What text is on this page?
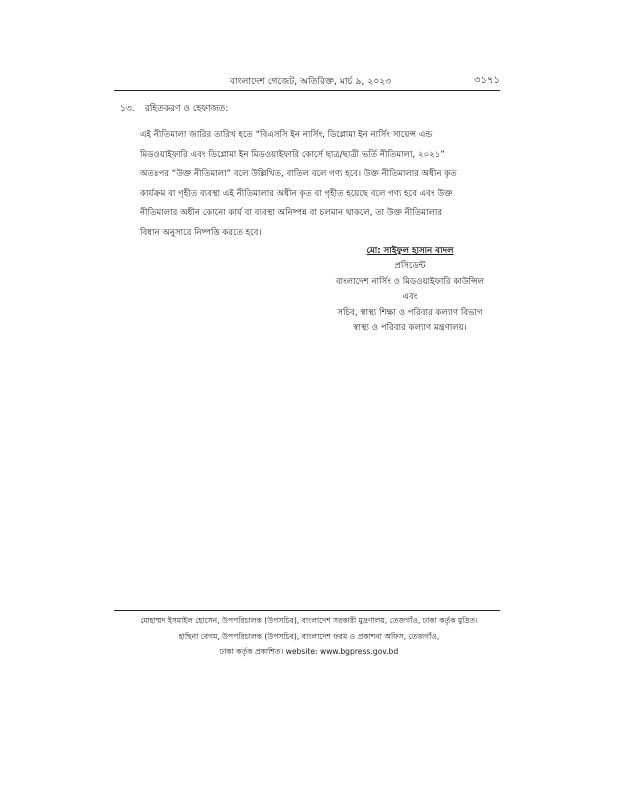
বাংলাদেশ গেজেট, অতিরিক্ত, মার্চ ৯, ২০২৩	৩১৭১
১৩. রহিতকরণ ও হেফাজত:
এই নীতিমালা জারির তারিখ হতে “বিএসসি ইন নার্সিং, ডিপ্লোমা ইন নার্সিং সায়েন্স এন্ড
মিডওয়াইফারি এবং ডিপ্লোমা ইন মিডওয়াইফারি কোর্সে ছাত্র/ছাত্রী ভর্তি নীতিমালা, ২০২১”
অতঃপর “উক্ত নীতিমালা” বলে উল্লিখিত, বাতিল বলে গণ্য হবে। উক্ত নীতিমালার অধীন কৃত
কার্যক্রম বা গৃহীত ব্যবস্থা এই নীতিমালার অধীন কৃত বা গৃহীত হয়েছে বলে গণ্য হবে এবং উক্ত
নীতিমালার অধীন কোনো কার্য বা ব্যবস্থা অনিষ্পন্ন বা চলমান থাকলে, তা উক্ত নীতিমালার
বিধান অনুসারে নিষ্পত্তি করতে হবে।
মো: সাইফুল হাসান বাদল
প্রসিডেন্ট
বাংলাদেশ নার্সিং ও মিডওয়াইফারি কাউন্সিল
এবং
সচিব, স্বাস্থ্য শিক্ষা ও পরিবার কল্যাণ বিভাগ
স্বাস্থ্য ও পরিবার কল্যাণ মন্ত্রণালয়।
মোহাম্মদ ইসমাইল হোসেন, উপপরিচালক (উপসচিব), বাংলাদেশ সরকারী মুদ্রণালয়, তেজগাঁও, ঢাকা কর্তৃক মুদ্রিত।
হাছিনা বেগম, উপপরিচালক (উপসচিব), বাংলাদেশ ফরম ও প্রকাশনা অফিস, তেজগাঁও,
ঢাকা কর্তৃক প্রকাশিত। website: www.bgpress.gov.bd
